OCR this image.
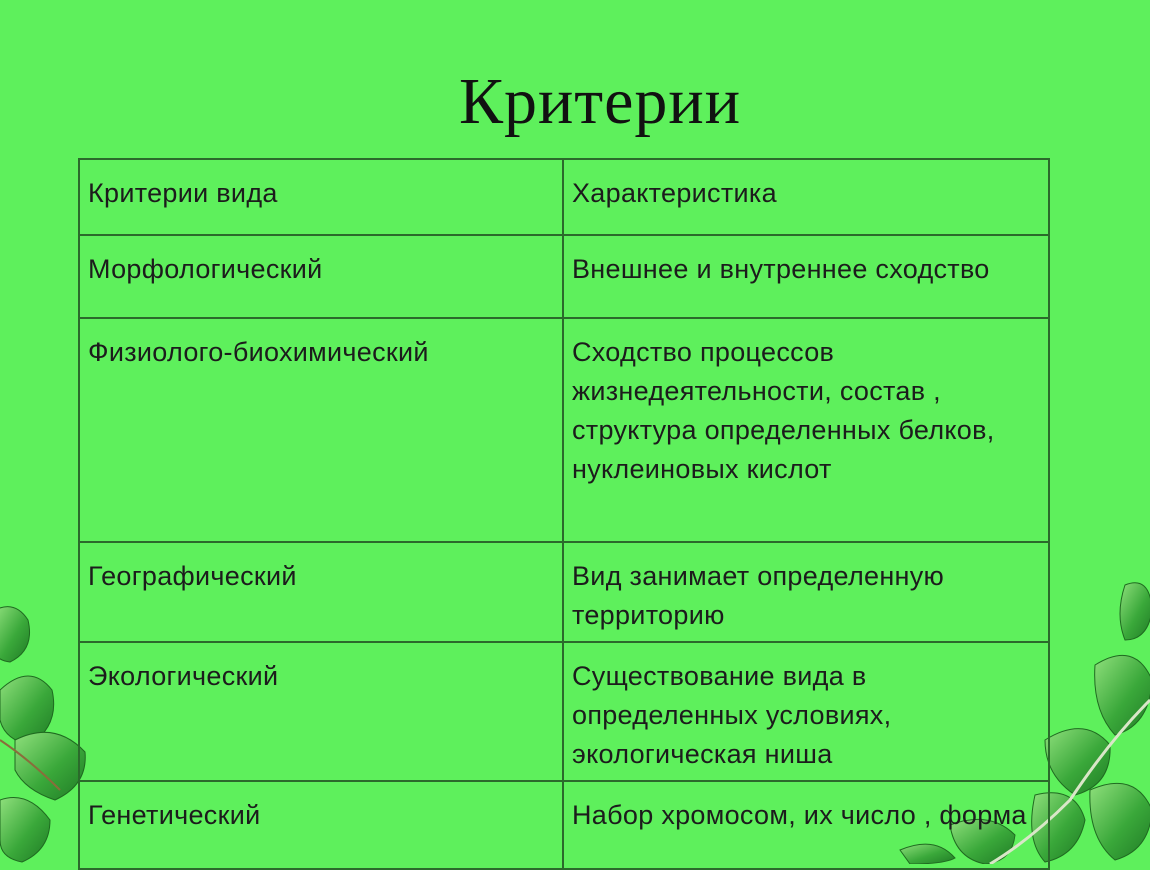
Критерии
Критерии вида	Характеристика
Морфологический	Внешнее и внутреннее сходство
Физиолого-биохимический	Сходство процессов жизнедеятельности, состав , структура определенных белков, нуклеиновых кислот
Географический	Вид занимает определенную территорию
Экологический	Существование вида в определенных условиях, экологическая ниша
Генетический	Набор хромосом, их число , форма
